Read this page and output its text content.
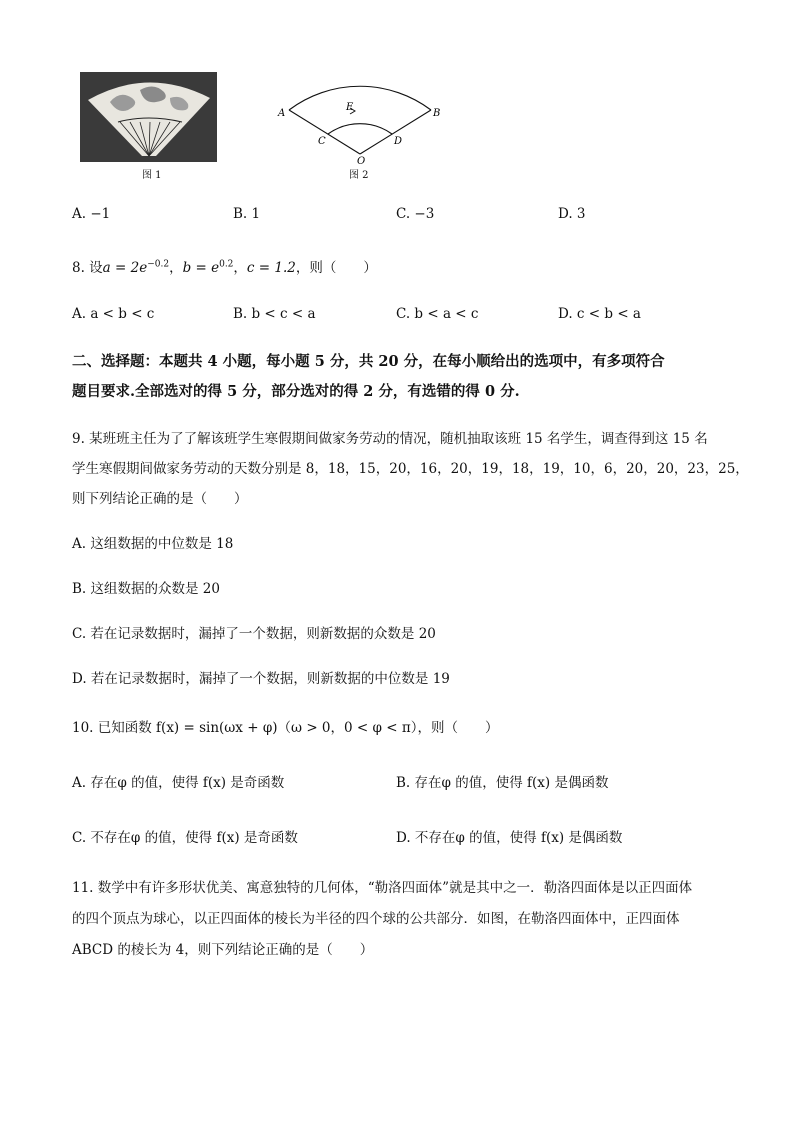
图 1
A	B
C	D
E
O
图 2
A. −1	B. 1	C. −3	D. 3
8. 设$a = 2e^{-0.2}$，$b = e^{0.2}$，c = 1.2，则（　　）
A. a < b < c	B. b < c < a	C. b < a < c	D. c < b < a
二、选择题：本题共 4 小题，每小题 5 分，共 20 分，在每小顺给出的选项中，有多项符合
题目要求.全部选对的得 5 分，部分选对的得 2 分，有选错的得 0 分.
9. 某班班主任为了了解该班学生寒假期间做家务劳动的情况，随机抽取该班 15 名学生，调查得到这 15 名
学生寒假期间做家务劳动的天数分别是 8，18，15，20，16，20，19，18，19，10，6，20，20，23，25，
则下列结论正确的是（　　）
A. 这组数据的中位数是 18
B. 这组数据的众数是 20
C. 若在记录数据时，漏掉了一个数据，则新数据的众数是 20
D. 若在记录数据时，漏掉了一个数据，则新数据的中位数是 19
10. 已知函数 f(x) = sin(ωx + φ)（ω > 0，0 < φ < π），则（　　）
A. 存在φ 的值，使得 f(x) 是奇函数	B. 存在φ 的值，使得 f(x) 是偶函数
C. 不存在φ 的值，使得 f(x) 是奇函数	D. 不存在φ 的值，使得 f(x) 是偶函数
11. 数学中有许多形状优美、寓意独特的几何体，“勒洛四面体”就是其中之一．勒洛四面体是以正四面体
的四个顶点为球心，以正四面体的棱长为半径的四个球的公共部分．如图，在勒洛四面体中，正四面体
ABCD 的棱长为 4，则下列结论正确的是（　　）
